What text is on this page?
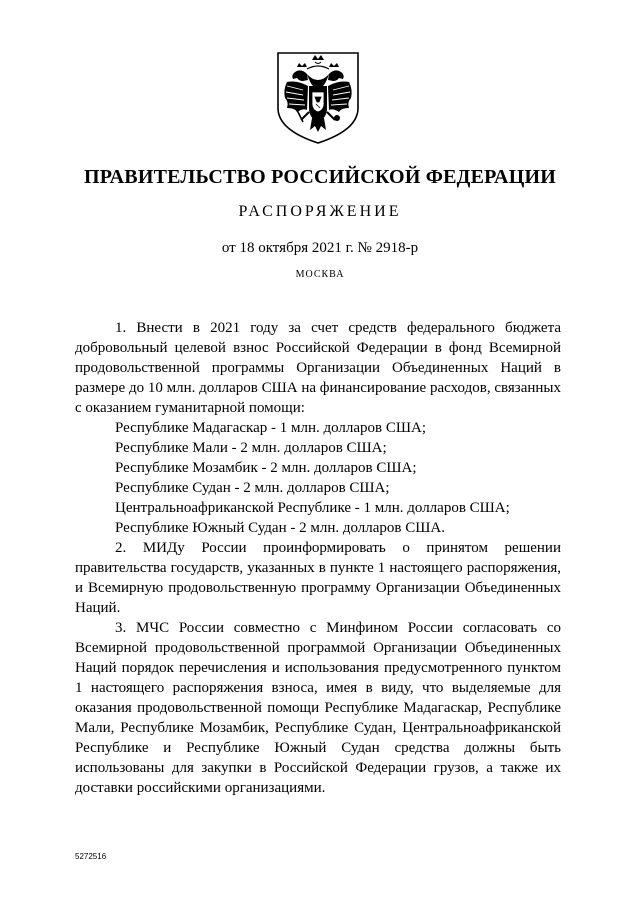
ПРАВИТЕЛЬСТВО РОССИЙСКОЙ ФЕДЕРАЦИИ
РАСПОРЯЖЕНИЕ
от 18 октября 2021 г. № 2918-р
МОСКВА

1. Внести в 2021 году за счет средств федерального бюджета добровольный целевой взнос Российской Федерации в фонд Всемирной продовольственной программы Организации Объединенных Наций в размере до 10 млн. долларов США на финансирование расходов, связанных с оказанием гуманитарной помощи:

Республике Мадагаскар - 1 млн. долларов США;

Республике Мали - 2 млн. долларов США;

Республике Мозамбик - 2 млн. долларов США;

Республике Судан - 2 млн. долларов США;

Центральноафриканской Республике - 1 млн. долларов США;

Республике Южный Судан - 2 млн. долларов США.

2. МИДу России проинформировать о принятом решении правительства государств, указанных в пункте 1 настоящего распоряжения, и Всемирную продовольственную программу Организации Объединенных Наций.

3. МЧС России совместно с Минфином России согласовать со Всемирной продовольственной программой Организации Объединенных Наций порядок перечисления и использования предусмотренного пунктом 1 настоящего распоряжения взноса, имея в виду, что выделяемые для оказания продовольственной помощи Республике Мадагаскар, Республике Мали, Республике Мозамбик, Республике Судан, Центральноафриканской Республике и Республике Южный Судан средства должны быть использованы для закупки в Российской Федерации грузов, а также их доставки российскими организациями.

5272516
